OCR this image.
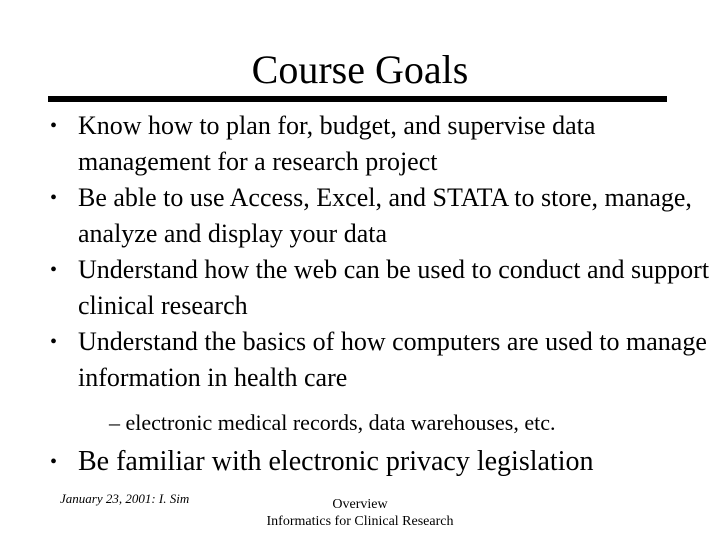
Course Goals
• Know how to plan for, budget, and supervise data management for a research project
• Be able to use Access, Excel, and STATA to store, manage, analyze and display your data
• Understand how the web can be used to conduct and support clinical research
• Understand the basics of how computers are used to manage information in health care
– electronic medical records, data warehouses, etc.
• Be familiar with electronic privacy legislation
January 23, 2001: I. Sim	Overview
Informatics for Clinical Research
